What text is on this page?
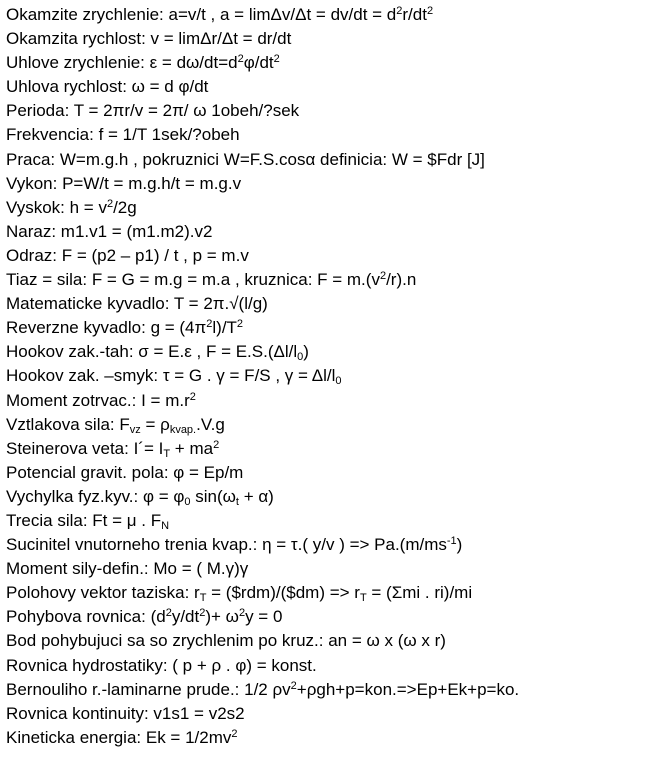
Okamzite zrychlenie: a=v/t , $a = \lim\Delta v/\Delta t = dv/dt = d^2r/dt^2$
Okamzita rychlost: v = limΔr/Δt = dr/dt
Uhlove zrychlenie: $\varepsilon = d\omega/dt=d^2\varphi/dt^2$
Uhlova rychlost: ω = d φ/dt
Perioda: T = 2πr/v = 2π/ ω 1obeh/?sek
Frekvencia: f = 1/T 1sek/?obeh
Praca: W=m.g.h , pokruznici W=F.S.cosα definicia: W = $Fdr [J]
Vykon: P=W/t = m.g.h/t = m.g.v
Vyskok: $h = v^2/2g$
Naraz: m1.v1 = (m1.m2).v2
Odraz: F = (p2 – p1) / t , p = m.v
Tiaz = sila: F = G = m.g = m.a , kruznica: $F = m.(v^2/r).n$
Matematicke kyvadlo: T = 2π.√(l/g)
Reverzne kyvadlo: $g = (4\pi^2l)/T^2$
Hookov zak.-tah: σ = E.ε , $F = E.S.(\Delta l/l_0)$
Hookov zak. –smyk: τ = G . γ = F/S , $\gamma = \Delta l/l_0$
Moment zotrvac.: $I = m.r^2$
Vztlakova sila: $F_{vz} = \rho_{kvap.}.V.g$
Steinerova veta: I´= $I_T + ma^2$
Potencial gravit. pola: φ = Ep/m
Vychylka fyz.kyv.: $\varphi = \varphi_0$ $\sin(\omega_t + \alpha)$
Trecia sila: Ft = μ . $F_N$
Sucinitel vnutorneho trenia kvap.: η = τ.( y/v ) => $Pa.(m/ms^{-1})$
Moment sily-defin.: Mo = ( M.γ)γ
Polohovy vektor taziska: $r_T$ = ($rdm)/($dm) => $r_T = (\Sigma mi$ . ri)/mi
Pohybova rovnica: $(d^2y/dt^2)+ \omega^2y = 0$
Bod pohybujuci sa so zrychlenim po kruz.: an = ω x (ω x r)
Rovnica hydrostatiky: ( p + ρ . φ) = konst.
Bernouliho r.-laminarne prude.: 1/2 $\rho v^2+\rho gh+p=kon.=>Ep+Ek+p=ko$.
Rovnica kontinuity: v1s1 = v2s2
Kineticka energia: $Ek = 1/2mv^2$
